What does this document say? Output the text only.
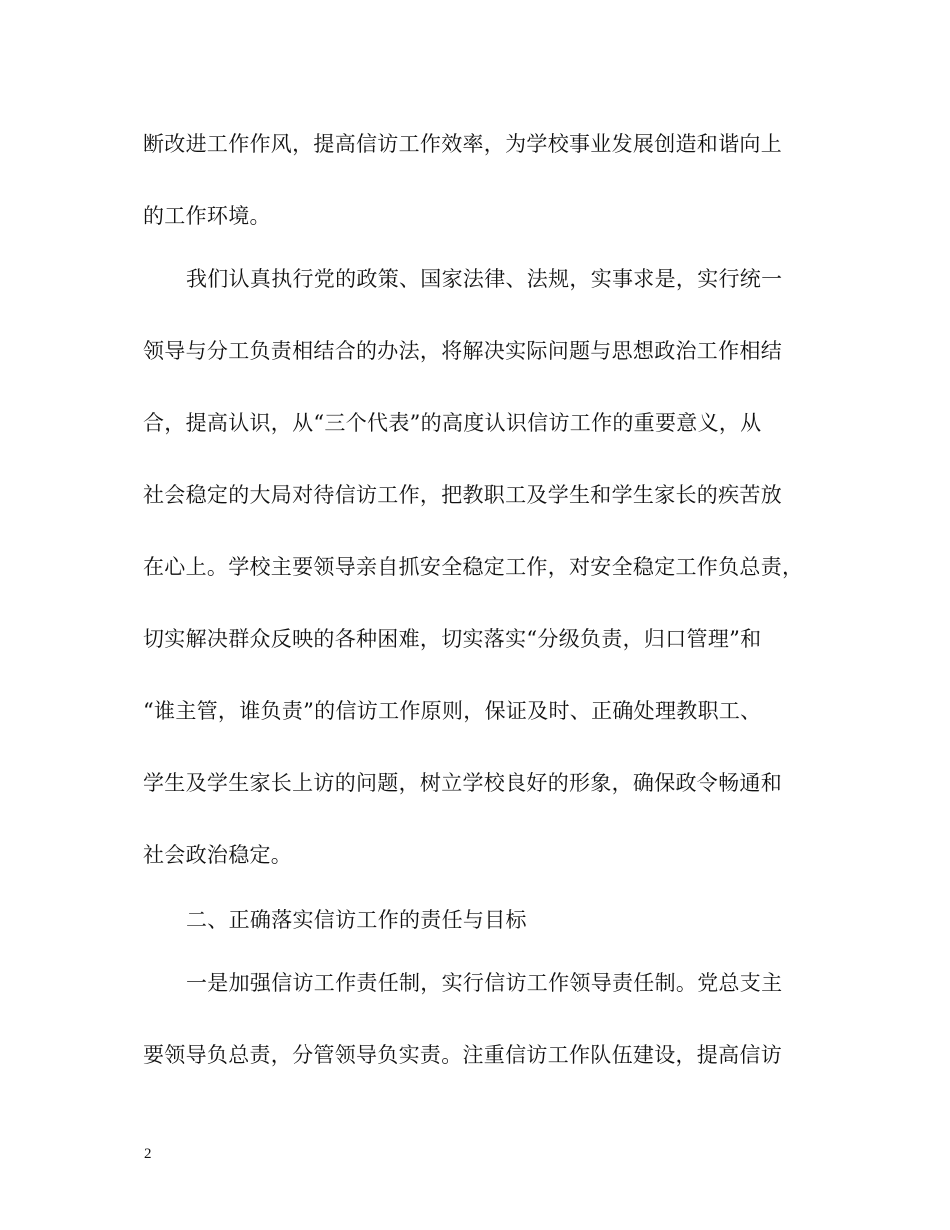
断改进工作作风，提高信访工作效率，为学校事业发展创造和谐向上
的工作环境。
我们认真执行党的政策、国家法律、法规，实事求是，实行统一
领导与分工负责相结合的办法，将解决实际问题与思想政治工作相结
合，提高认识，从“三个代表”的高度认识信访工作的重要意义，从
社会稳定的大局对待信访工作，把教职工及学生和学生家长的疾苦放
在心上。学校主要领导亲自抓安全稳定工作，对安全稳定工作负总责，
切实解决群众反映的各种困难，切实落实“分级负责，归口管理”和
“谁主管，谁负责”的信访工作原则，保证及时、正确处理教职工、
学生及学生家长上访的问题，树立学校良好的形象，确保政令畅通和
社会政治稳定。
二、正确落实信访工作的责任与目标
一是加强信访工作责任制，实行信访工作领导责任制。党总支主
要领导负总责，分管领导负实责。注重信访工作队伍建设，提高信访
2
